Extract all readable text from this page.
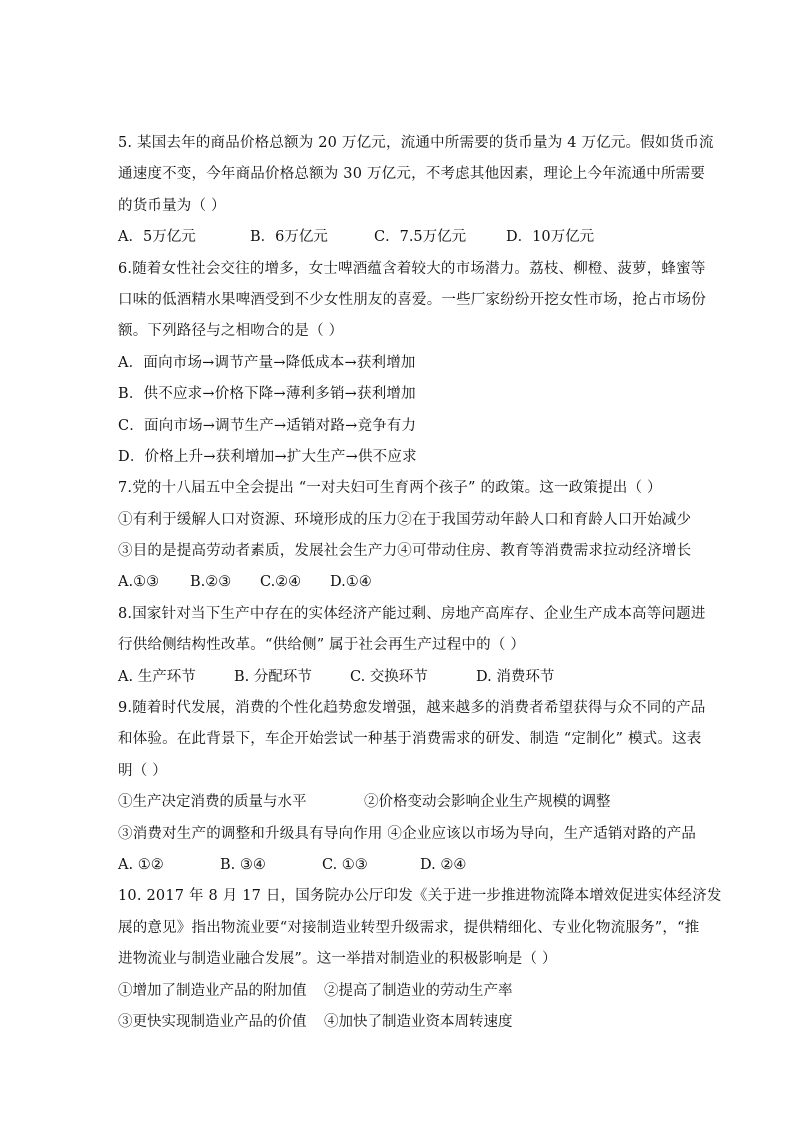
5. 某国去年的商品价格总额为 20 万亿元，流通中所需要的货币量为 4 万亿元。假如货币流
通速度不变，今年商品价格总额为 30 万亿元，不考虑其他因素，理论上今年流通中所需要
的货币量为（ ）
A．5万亿元	B．6万亿元	C．7.5万亿元	D．10万亿元
6.随着女性社会交往的增多，女士啤酒蕴含着较大的市场潜力。荔枝、柳橙、菠萝，蜂蜜等
口味的低酒精水果啤酒受到不少女性朋友的喜爱。一些厂家纷纷开挖女性市场，抢占市场份
额。下列路径与之相吻合的是（ ）
A．面向市场→调节产量→降低成本→获利增加
B．供不应求→价格下降→薄利多销→获利增加
C．面向市场→调节生产→适销对路→竞争有力
D．价格上升→获利增加→扩大生产→供不应求
7.党的十八届五中全会提出 “一对夫妇可生育两个孩子” 的政策。这一政策提出（ ）
①有利于缓解人口对资源、环境形成的压力②在于我国劳动年龄人口和育龄人口开始减少
③目的是提高劳动者素质，发展社会生产力④可带动住房、教育等消费需求拉动经济增长
A.①③	B.②③	C.②④	D.①④
8.国家针对当下生产中存在的实体经济产能过剩、房地产高库存、企业生产成本高等问题进
行供给侧结构性改革。“供给侧” 属于社会再生产过程中的（ ）
A. 生产环节	B. 分配环节	C. 交换环节	D. 消费环节
9.随着时代发展，消费的个性化趋势愈发增强，越来越多的消费者希望获得与众不同的产品
和体验。在此背景下，车企开始尝试一种基于消费需求的研发、制造 “定制化” 模式。这表
明（ ）
①生产决定消费的质量与水平	②价格变动会影响企业生产规模的调整
③消费对生产的调整和升级具有导向作用 ④企业应该以市场为导向，生产适销对路的产品
A. ①②	B. ③④	C. ①③	D. ②④
10. 2017 年 8 月 17 日，国务院办公厅印发《关于进一步推进物流降本增效促进实体经济发
展的意见》指出物流业要“对接制造业转型升级需求，提供精细化、专业化物流服务”，“推
进物流业与制造业融合发展”。这一举措对制造业的积极影响是（ ）
①增加了制造业产品的附加值	②提高了制造业的劳动生产率
③更快实现制造业产品的价值	④加快了制造业资本周转速度
